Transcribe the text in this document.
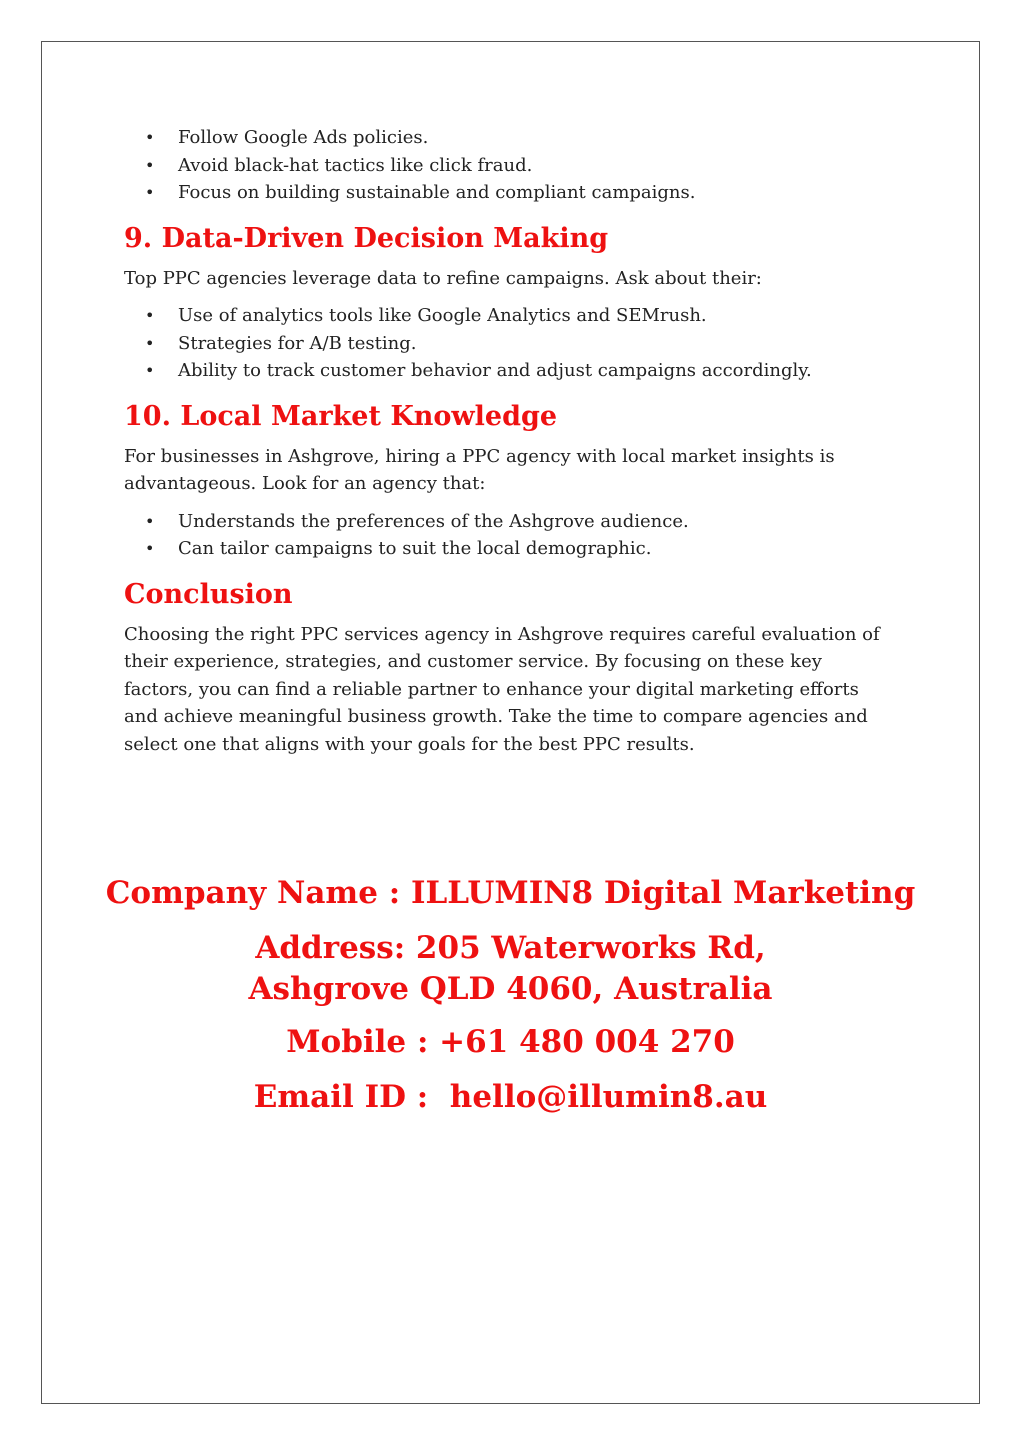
• Follow Google Ads policies.
• Avoid black-hat tactics like click fraud.
• Focus on building sustainable and compliant campaigns.
9. Data-Driven Decision Making

Top PPC agencies leverage data to refine campaigns. Ask about their:

• Use of analytics tools like Google Analytics and SEMrush.
• Strategies for A/B testing.
• Ability to track customer behavior and adjust campaigns accordingly.
10. Local Market Knowledge

For businesses in Ashgrove, hiring a PPC agency with local market insights is advantageous. Look for an agency that:

• Understands the preferences of the Ashgrove audience.
• Can tailor campaigns to suit the local demographic.
Conclusion

Choosing the right PPC services agency in Ashgrove requires careful evaluation of their experience, strategies, and customer service. By focusing on these key factors, you can find a reliable partner to enhance your digital marketing efforts and achieve meaningful business growth. Take the time to compare agencies and select one that aligns with your goals for the best PPC results.

Company Name : ILLUMIN8 Digital Marketing
Address: 205 Waterworks Rd, Ashgrove QLD 4060, Australia
Mobile : +61 480 004 270
Email ID :  hello@illumin8.au
